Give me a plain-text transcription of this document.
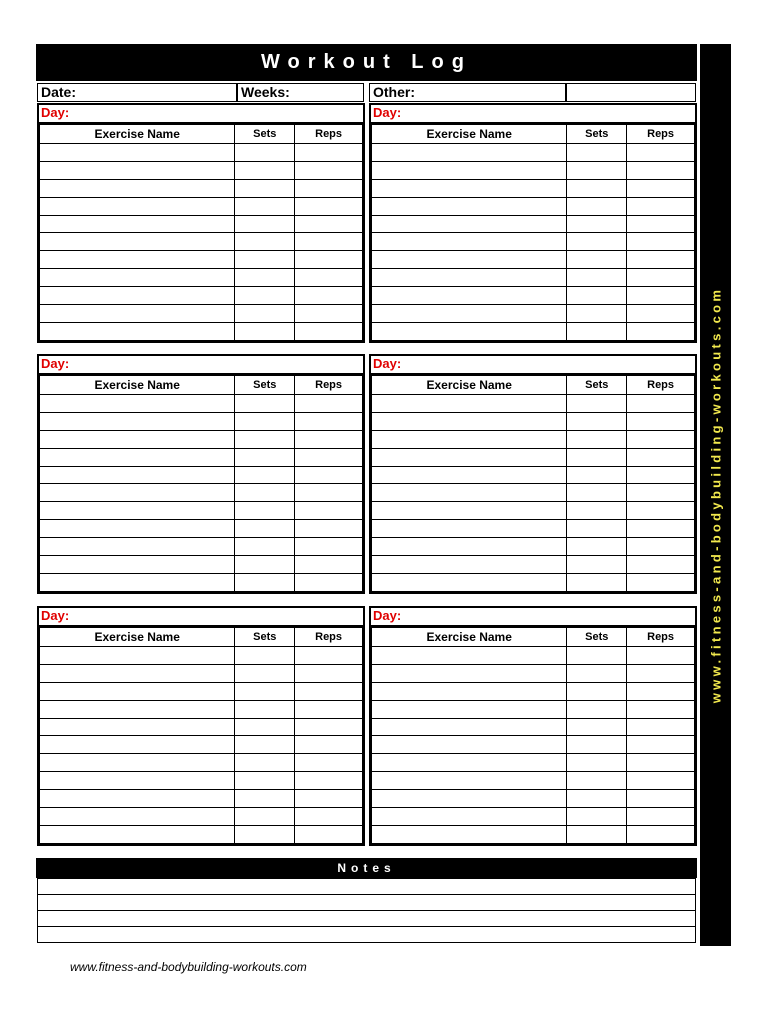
Workout Log
www.fitness-and-bodybuilding-workouts.com
Date:	Weeks:	Other:
Day:
Exercise Name	Sets	Reps

Day:
Exercise Name	Sets	Reps

Day:
Exercise Name	Sets	Reps

Day:
Exercise Name	Sets	Reps

Day:
Exercise Name	Sets	Reps

Day:
Exercise Name	Sets	Reps

Notes
www.fitness-and-bodybuilding-workouts.com
